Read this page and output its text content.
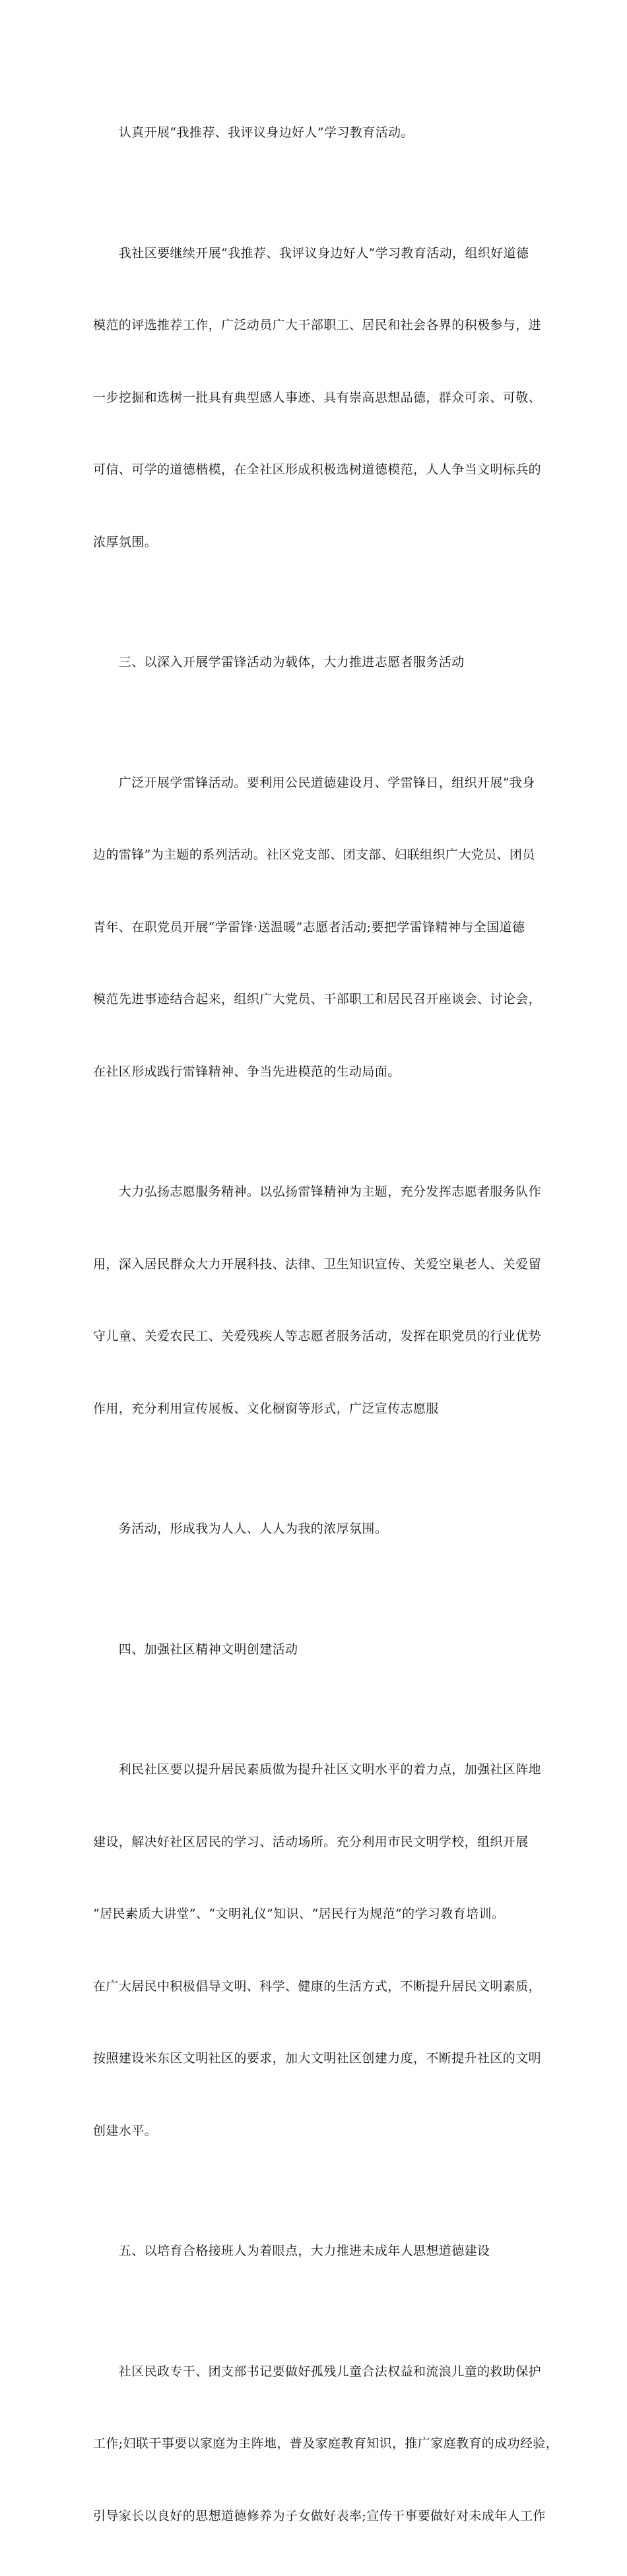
　　认真开展“我推荐、我评议身边好人”学习教育活动。

　　我社区要继续开展“我推荐、我评议身边好人”学习教育活动，组织好道德

模范的评选推荐工作，广泛动员广大干部职工、居民和社会各界的积极参与，进

一步挖掘和选树一批具有典型感人事迹、具有崇高思想品德，群众可亲、可敬、

可信、可学的道德楷模，在全社区形成积极选树道德模范，人人争当文明标兵的

浓厚氛围。

　　三、以深入开展学雷锋活动为载体，大力推进志愿者服务活动

　　广泛开展学雷锋活动。要利用公民道德建设月、学雷锋日，组织开展“我身

边的雷锋”为主题的系列活动。社区党支部、团支部、妇联组织广大党员、团员

青年、在职党员开展“学雷锋·送温暖”志愿者活动;要把学雷锋精神与全国道德

模范先进事迹结合起来，组织广大党员、干部职工和居民召开座谈会、讨论会，

在社区形成践行雷锋精神、争当先进模范的生动局面。

　　大力弘扬志愿服务精神。以弘扬雷锋精神为主题，充分发挥志愿者服务队作

用，深入居民群众大力开展科技、法律、卫生知识宣传、关爱空巢老人、关爱留

守儿童、关爱农民工、关爱残疾人等志愿者服务活动，发挥在职党员的行业优势

作用，充分利用宣传展板、文化橱窗等形式，广泛宣传志愿服

　　务活动，形成我为人人、人人为我的浓厚氛围。

　　四、加强社区精神文明创建活动

　　利民社区要以提升居民素质做为提升社区文明水平的着力点，加强社区阵地

建设，解决好社区居民的学习、活动场所。充分利用市民文明学校，组织开展

“居民素质大讲堂”、“文明礼仪”知识、“居民行为规范”的学习教育培训。

在广大居民中积极倡导文明、科学、健康的生活方式，不断提升居民文明素质，

按照建设米东区文明社区的要求，加大文明社区创建力度，不断提升社区的文明

创建水平。

　　五、以培育合格接班人为着眼点，大力推进未成年人思想道德建设

　　社区民政专干、团支部书记要做好孤残儿童合法权益和流浪儿童的救助保护

工作;妇联干事要以家庭为主阵地，普及家庭教育知识，推广家庭教育的成功经验，

引导家长以良好的思想道德修养为子女做好表率;宣传干事要做好对未成年人工作
